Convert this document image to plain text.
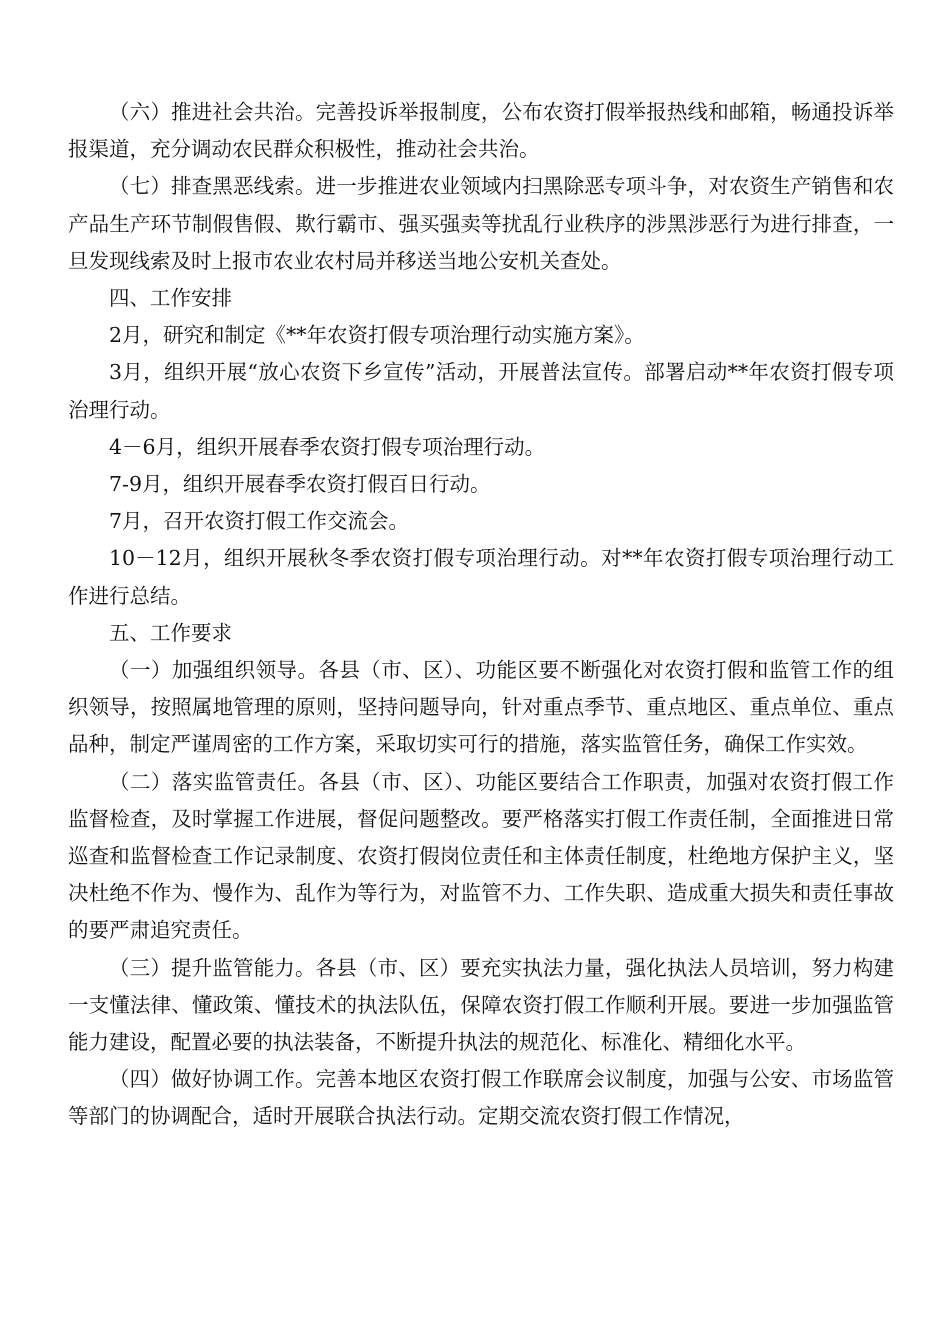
（六）推进社会共治。完善投诉举报制度，公布农资打假举报热线和邮箱，畅通投诉举报渠道，充分调动农民群众积极性，推动社会共治。

（七）排查黑恶线索。进一步推进农业领域内扫黑除恶专项斗争，对农资生产销售和农产品生产环节制假售假、欺行霸市、强买强卖等扰乱行业秩序的涉黑涉恶行为进行排查，一旦发现线索及时上报市农业农村局并移送当地公安机关查处。

四、工作安排

2月，研究和制定《**年农资打假专项治理行动实施方案》。

3月，组织开展“放心农资下乡宣传”活动，开展普法宣传。部署启动**年农资打假专项治理行动。

4－6月，组织开展春季农资打假专项治理行动。

7-9月，组织开展春季农资打假百日行动。

7月，召开农资打假工作交流会。

10－12月，组织开展秋冬季农资打假专项治理行动。对**年农资打假专项治理行动工作进行总结。

五、工作要求

（一）加强组织领导。各县（市、区）、功能区要不断强化对农资打假和监管工作的组织领导，按照属地管理的原则，坚持问题导向，针对重点季节、重点地区、重点单位、重点品种，制定严谨周密的工作方案，采取切实可行的措施，落实监管任务，确保工作实效。

（二）落实监管责任。各县（市、区）、功能区要结合工作职责，加强对农资打假工作监督检查，及时掌握工作进展，督促问题整改。要严格落实打假工作责任制，全面推进日常巡查和监督检查工作记录制度、农资打假岗位责任和主体责任制度，杜绝地方保护主义，坚决杜绝不作为、慢作为、乱作为等行为，对监管不力、工作失职、造成重大损失和责任事故的要严肃追究责任。

（三）提升监管能力。各县（市、区）要充实执法力量，强化执法人员培训，努力构建一支懂法律、懂政策、懂技术的执法队伍，保障农资打假工作顺利开展。要进一步加强监管能力建设，配置必要的执法装备，不断提升执法的规范化、标准化、精细化水平。

（四）做好协调工作。完善本地区农资打假工作联席会议制度，加强与公安、市场监管等部门的协调配合，适时开展联合执法行动。定期交流农资打假工作情况，
